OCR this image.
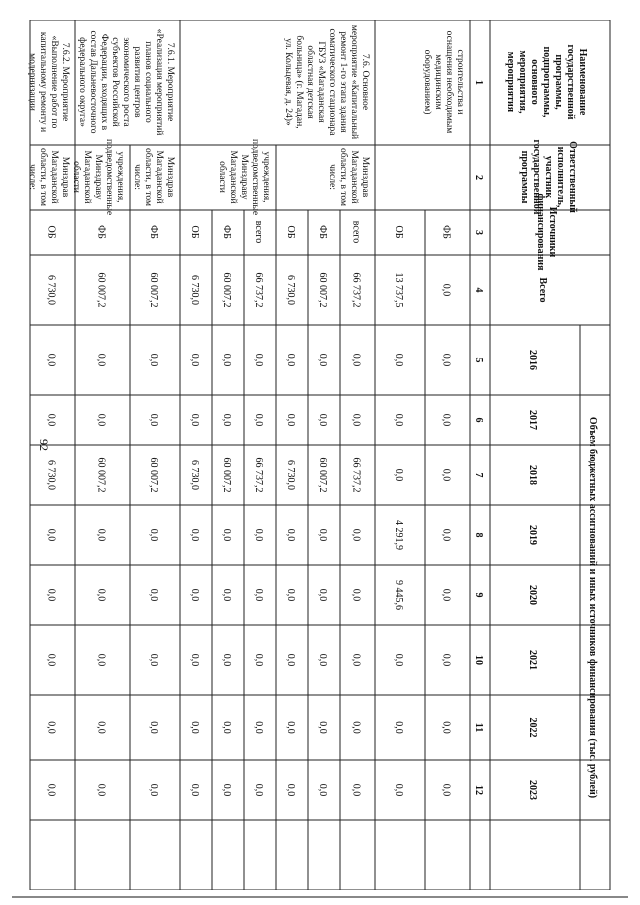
92
Наименование
государственной
программы,
подпрограммы,
основного
мероприятия,
мероприятия
Ответственный
исполнитель,
участник
государственной
программы
Источники
финансирования
Всего
Объем бюджетных ассигнований и иных источников финансирования (тыс. рублей)
2016
2017
2018
2019
2020
2021
2022
2023
1
2
3
4
5
6
7
8
9
10
11
12
строительства и
оснащения необходимым
медицинским
оборудованием)
ФБ
0,0
0,0
0,0
0,0
0,0
0,0
0,0
0,0
0,0
ОБ
13 737,5
0,0
0,0
0,0
4 291,9
9 445,6
0,0
0,0
0,0
7.6. Основное
мероприятие «Капитальный
ремонт 1-го этапа здания
соматического стационара
ГБУЗ «Магаданская
областная детская
больница» (г. Магадан,
ул. Кольцевая, д. 24)»
Минздрав
Магаданской
области, в том
числе:
всего
66 737,2
0,0
0,0
66 737,2
0,0
0,0
0,0
0,0
0,0
ФБ
60 007,2
0,0
0,0
60 007,2
0,0
0,0
0,0
0,0
0,0
ОБ
6 730,0
0,0
0,0
6 730,0
0,0
0,0
0,0
0,0
0,0
учреждения,
подведомственные
Минздраву
Магаданской
области
всего
66 737,2
0,0
0,0
66 737,2
0,0
0,0
0,0
0,0
0,0
ФБ
60 007,2
0,0
0,0
60 007,2
0,0
0,0
0,0
0,0
0,0
ОБ
6 730,0
0,0
0,0
6 730,0
0,0
0,0
0,0
0,0
0,0
7.6.1. Мероприятие
«Реализация мероприятий
планов социального
развития центров
экономического роста
субъектов Российской
Федерации, входящих в
состав Дальневосточного
федерального округа»
Минздрав
Магаданской
области, в том
числе:
ФБ
60 007,2
0,0
0,0
60 007,2
0,0
0,0
0,0
0,0
0,0
учреждения,
подведомственные
Минздраву
Магаданской
области
ФБ
60 007,2
0,0
0,0
60 007,2
0,0
0,0
0,0
0,0
0,0
7.6.2. Мероприятие
«Выполнение работ по
капитальному ремонту и
модернизации
Минздрав
Магаданской
области, в том
числе:
ОБ
6 730,0
0,0
0,0
6 730,0
0,0
0,0
0,0
0,0
0,0
